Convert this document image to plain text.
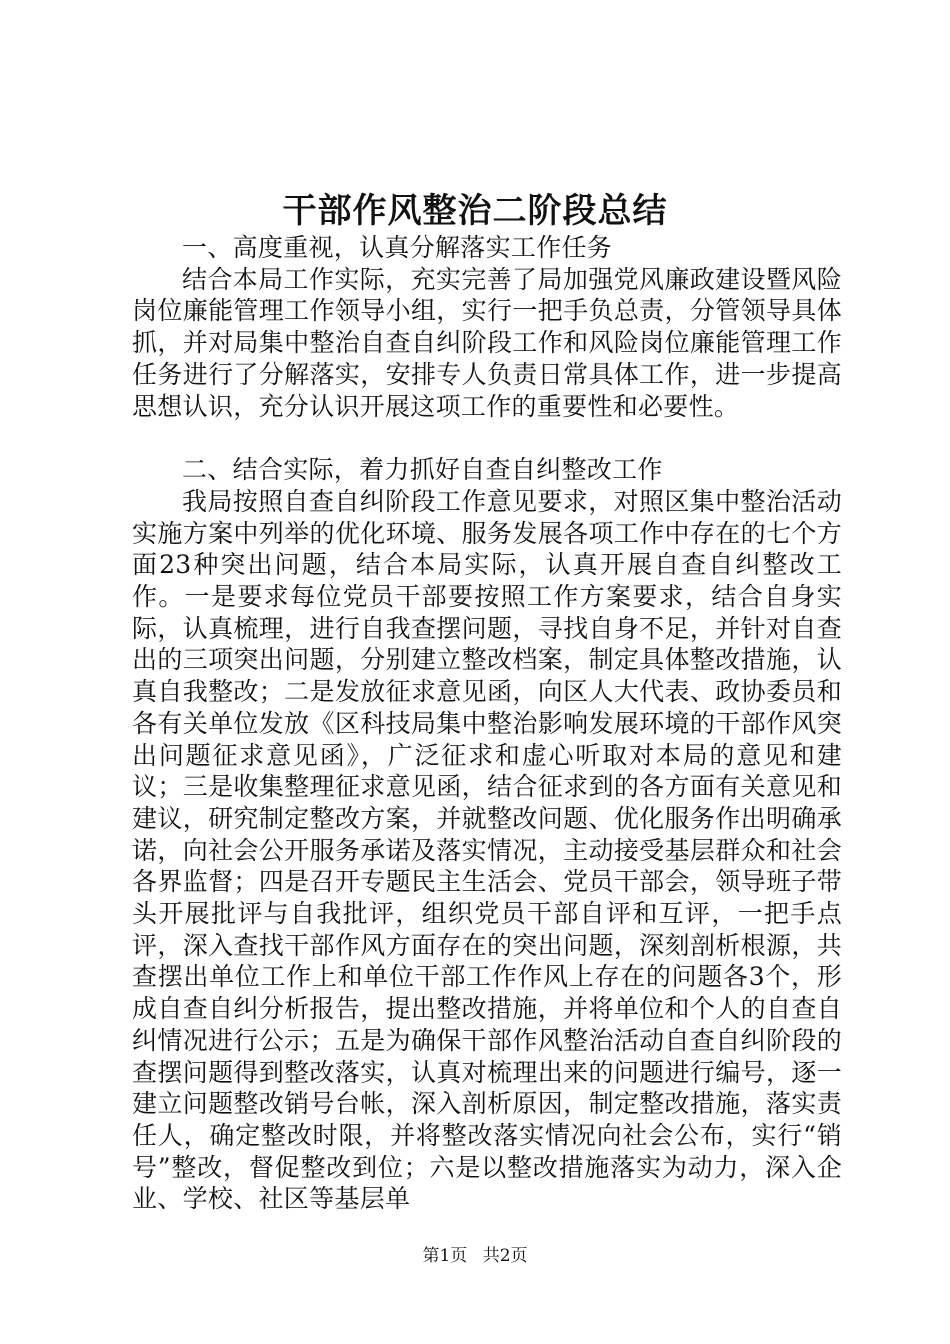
干部作风整治二阶段总结

一、高度重视，认真分解落实工作任务

结合本局工作实际，充实完善了局加强党风廉政建设暨风险岗位廉能管理工作领导小组，实行一把手负总责，分管领导具体抓，并对局集中整治自查自纠阶段工作和风险岗位廉能管理工作任务进行了分解落实，安排专人负责日常具体工作，进一步提高思想认识，充分认识开展这项工作的重要性和必要性。

二、结合实际，着力抓好自查自纠整改工作

我局按照自查自纠阶段工作意见要求，对照区集中整治活动实施方案中列举的优化环境、服务发展各项工作中存在的七个方面23种突出问题，结合本局实际，认真开展自查自纠整改工作。一是要求每位党员干部要按照工作方案要求，结合自身实际，认真梳理，进行自我查摆问题，寻找自身不足，并针对自查出的三项突出问题，分别建立整改档案，制定具体整改措施，认真自我整改；二是发放征求意见函，向区人大代表、政协委员和各有关单位发放《区科技局集中整治影响发展环境的干部作风突出问题征求意见函》，广泛征求和虚心听取对本局的意见和建议；三是收集整理征求意见函，结合征求到的各方面有关意见和建议，研究制定整改方案，并就整改问题、优化服务作出明确承诺，向社会公开服务承诺及落实情况，主动接受基层群众和社会各界监督；四是召开专题民主生活会、党员干部会，领导班子带头开展批评与自我批评，组织党员干部自评和互评，一把手点评，深入查找干部作风方面存在的突出问题，深刻剖析根源，共查摆出单位工作上和单位干部工作作风上存在的问题各3个，形成自查自纠分析报告，提出整改措施，并将单位和个人的自查自纠情况进行公示；五是为确保干部作风整治活动自查自纠阶段的查摆问题得到整改落实，认真对梳理出来的问题进行编号，逐一建立问题整改销号台帐，深入剖析原因，制定整改措施，落实责任人，确定整改时限，并将整改落实情况向社会公布，实行“销号”整改，督促整改到位；六是以整改措施落实为动力，深入企业、学校、社区等基层单

第1页 共2页
